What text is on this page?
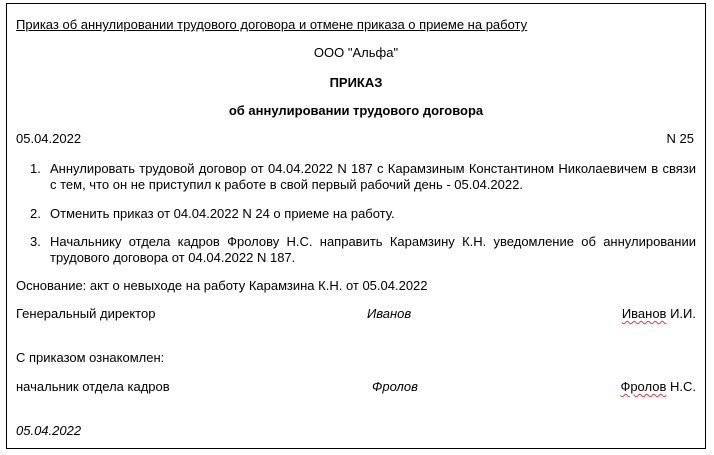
Приказ об аннулировании трудового договора и отмене приказа о приеме на работу
ООО "Альфа"
ПРИКАЗ
об аннулировании трудового договора
05.04.2022	N 25
1. Аннулировать трудовой договор от 04.04.2022 N 187 с Карамзиным Константином Николаевичем в связи с тем, что он не приступил к работе в свой первый рабочий день - 05.04.2022.
2. Отменить приказ от 04.04.2022 N 24 о приеме на работу.
3. Начальнику отдела кадров Фролову Н.С. направить Карамзину К.Н. уведомление об аннулировании трудового договора от 04.04.2022 N 187.
Основание: акт о невыходе на работу Карамзина К.Н. от 05.04.2022
Генеральный директор	Иванов	Иванов И.И.
С приказом ознакомлен:
начальник отдела кадров	Фролов	Фролов Н.С.
05.04.2022
